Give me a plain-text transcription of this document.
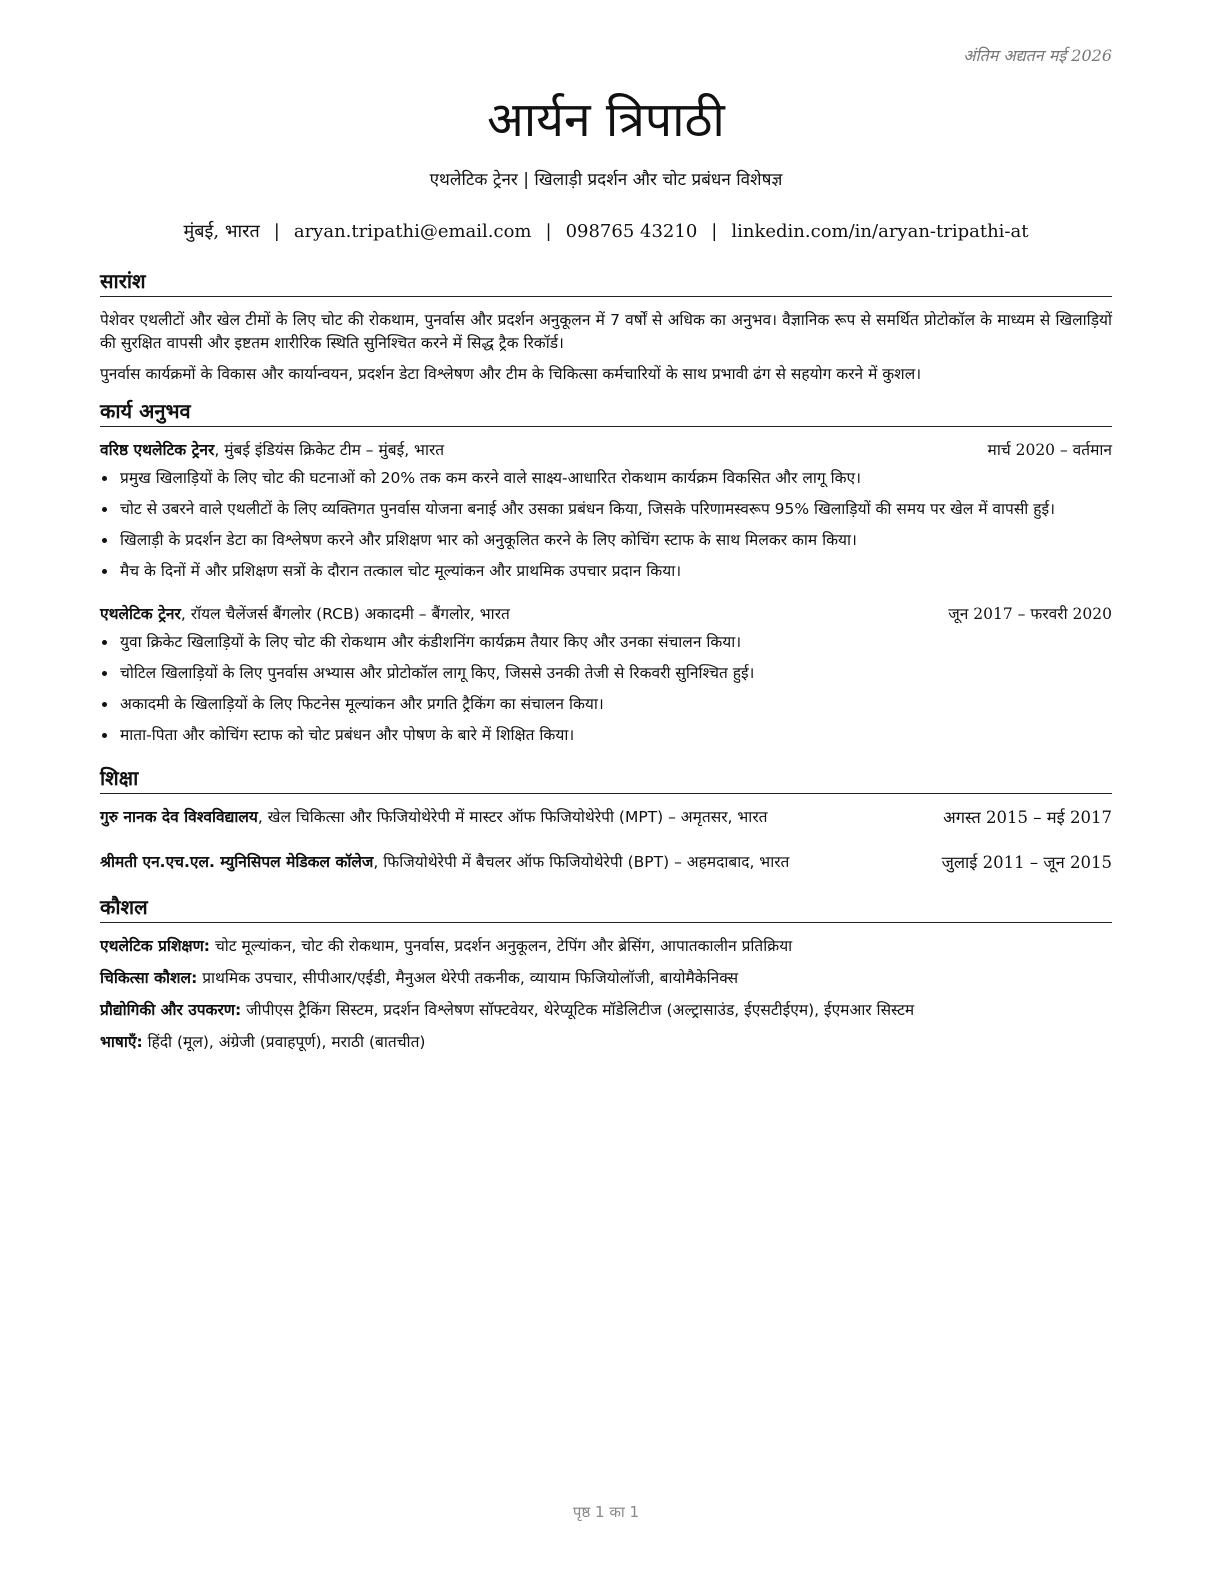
अंतिम अद्यतन मई 2026
आर्यन त्रिपाठी
एथलेटिक ट्रेनर | खिलाड़ी प्रदर्शन और चोट प्रबंधन विशेषज्ञ
मुंबई, भारत | aryan.tripathi@email.com | 098765 43210 | linkedin.com/in/aryan-tripathi-at
सारांश

पेशेवर एथलीटों और खेल टीमों के लिए चोट की रोकथाम, पुनर्वास और प्रदर्शन अनुकूलन में 7 वर्षों से अधिक का अनुभव। वैज्ञानिक रूप से समर्थित प्रोटोकॉल के माध्यम से खिलाड़ियों की सुरक्षित वापसी और इष्टतम शारीरिक स्थिति सुनिश्चित करने में सिद्ध ट्रैक रिकॉर्ड।

पुनर्वास कार्यक्रमों के विकास और कार्यान्वयन, प्रदर्शन डेटा विश्लेषण और टीम के चिकित्सा कर्मचारियों के साथ प्रभावी ढंग से सहयोग करने में कुशल।

कार्य अनुभव
वरिष्ठ एथलेटिक ट्रेनर, मुंबई इंडियंस क्रिकेट टीम – मुंबई, भारत	मार्च 2020 – वर्तमान
• प्रमुख खिलाड़ियों के लिए चोट की घटनाओं को 20% तक कम करने वाले साक्ष्य-आधारित रोकथाम कार्यक्रम विकसित और लागू किए।
• चोट से उबरने वाले एथलीटों के लिए व्यक्तिगत पुनर्वास योजना बनाई और उसका प्रबंधन किया, जिसके परिणामस्वरूप 95% खिलाड़ियों की समय पर खेल में वापसी हुई।
• खिलाड़ी के प्रदर्शन डेटा का विश्लेषण करने और प्रशिक्षण भार को अनुकूलित करने के लिए कोचिंग स्टाफ के साथ मिलकर काम किया।
• मैच के दिनों में और प्रशिक्षण सत्रों के दौरान तत्काल चोट मूल्यांकन और प्राथमिक उपचार प्रदान किया।
एथलेटिक ट्रेनर, रॉयल चैलेंजर्स बैंगलोर (RCB) अकादमी – बैंगलोर, भारत	जून 2017 – फरवरी 2020
• युवा क्रिकेट खिलाड़ियों के लिए चोट की रोकथाम और कंडीशनिंग कार्यक्रम तैयार किए और उनका संचालन किया।
• चोटिल खिलाड़ियों के लिए पुनर्वास अभ्यास और प्रोटोकॉल लागू किए, जिससे उनकी तेजी से रिकवरी सुनिश्चित हुई।
• अकादमी के खिलाड़ियों के लिए फिटनेस मूल्यांकन और प्रगति ट्रैकिंग का संचालन किया।
• माता-पिता और कोचिंग स्टाफ को चोट प्रबंधन और पोषण के बारे में शिक्षित किया।
शिक्षा
गुरु नानक देव विश्वविद्यालय, खेल चिकित्सा और फिजियोथेरेपी में मास्टर ऑफ फिजियोथेरेपी (MPT) – अमृतसर, भारत	अगस्त 2015 – मई 2017
श्रीमती एन.एच.एल. म्युनिसिपल मेडिकल कॉलेज, फिजियोथेरेपी में बैचलर ऑफ फिजियोथेरेपी (BPT) – अहमदाबाद, भारत	जुलाई 2011 – जून 2015
कौशल
एथलेटिक प्रशिक्षण: चोट मूल्यांकन, चोट की रोकथाम, पुनर्वास, प्रदर्शन अनुकूलन, टेपिंग और ब्रेसिंग, आपातकालीन प्रतिक्रिया
चिकित्सा कौशल: प्राथमिक उपचार, सीपीआर/एईडी, मैनुअल थेरेपी तकनीक, व्यायाम फिजियोलॉजी, बायोमैकेनिक्स
प्रौद्योगिकी और उपकरण: जीपीएस ट्रैकिंग सिस्टम, प्रदर्शन विश्लेषण सॉफ्टवेयर, थेरेप्यूटिक मॉडेलिटीज (अल्ट्रासाउंड, ईएसटीईएम), ईएमआर सिस्टम
भाषाएँ: हिंदी (मूल), अंग्रेजी (प्रवाहपूर्ण), मराठी (बातचीत)
पृष्ठ 1 का 1
